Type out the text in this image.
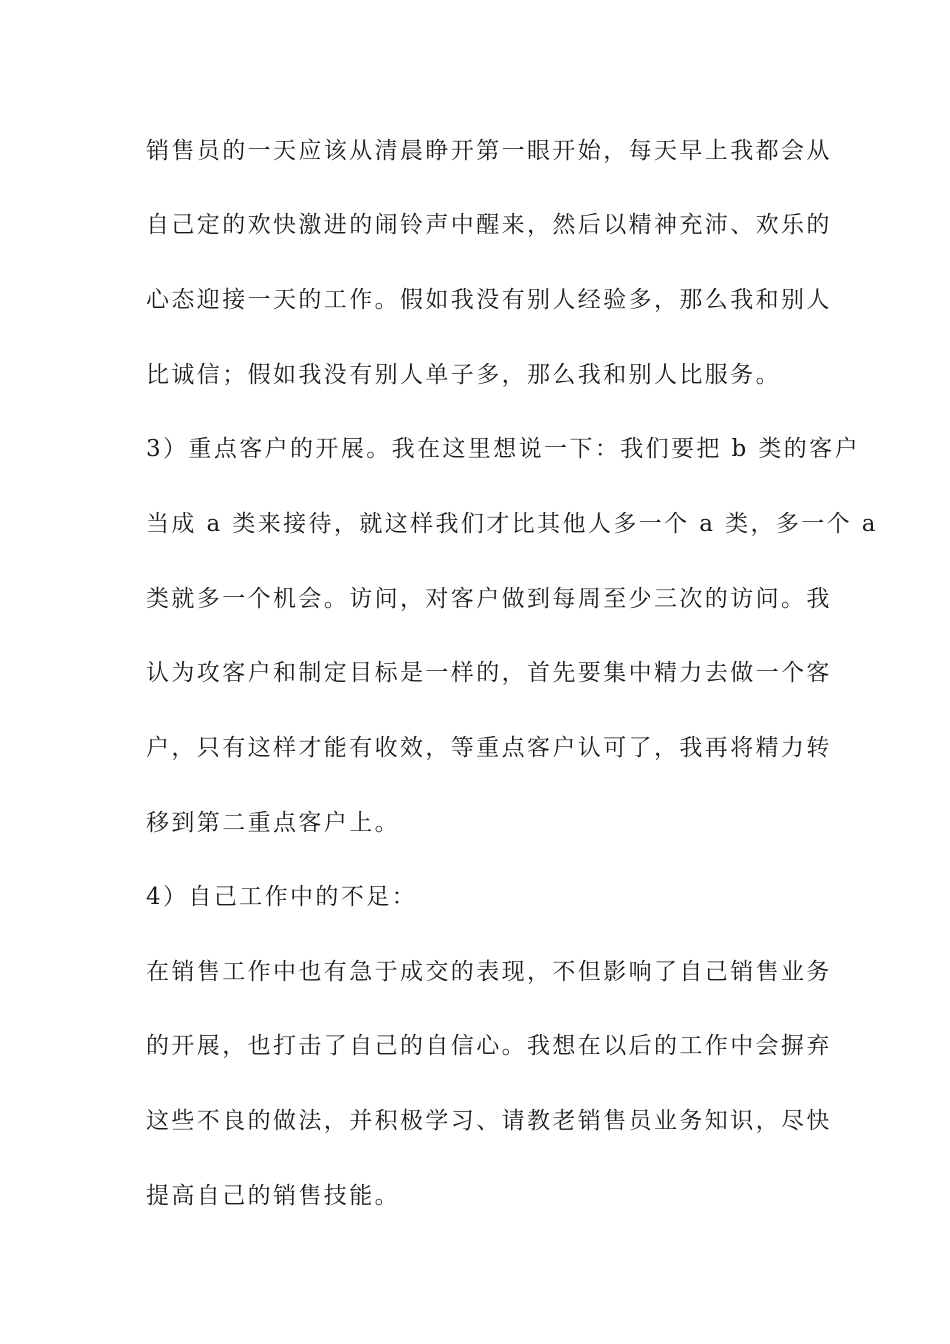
销售员的一天应该从清晨睁开第一眼开始，每天早上我都会从
自己定的欢快激进的闹铃声中醒来，然后以精神充沛、欢乐的
心态迎接一天的工作。假如我没有别人经验多，那么我和别人
比诚信；假如我没有别人单子多，那么我和别人比服务。
3）重点客户的开展。我在这里想说一下：我们要把 b 类的客户
当成 a 类来接待，就这样我们才比其他人多一个 a 类，多一个 a
类就多一个机会。访问，对客户做到每周至少三次的访问。我
认为攻客户和制定目标是一样的，首先要集中精力去做一个客
户，只有这样才能有收效，等重点客户认可了，我再将精力转
移到第二重点客户上。
4）自己工作中的不足：
在销售工作中也有急于成交的表现，不但影响了自己销售业务
的开展，也打击了自己的自信心。我想在以后的工作中会摒弃
这些不良的做法，并积极学习、请教老销售员业务知识，尽快
提高自己的销售技能。
